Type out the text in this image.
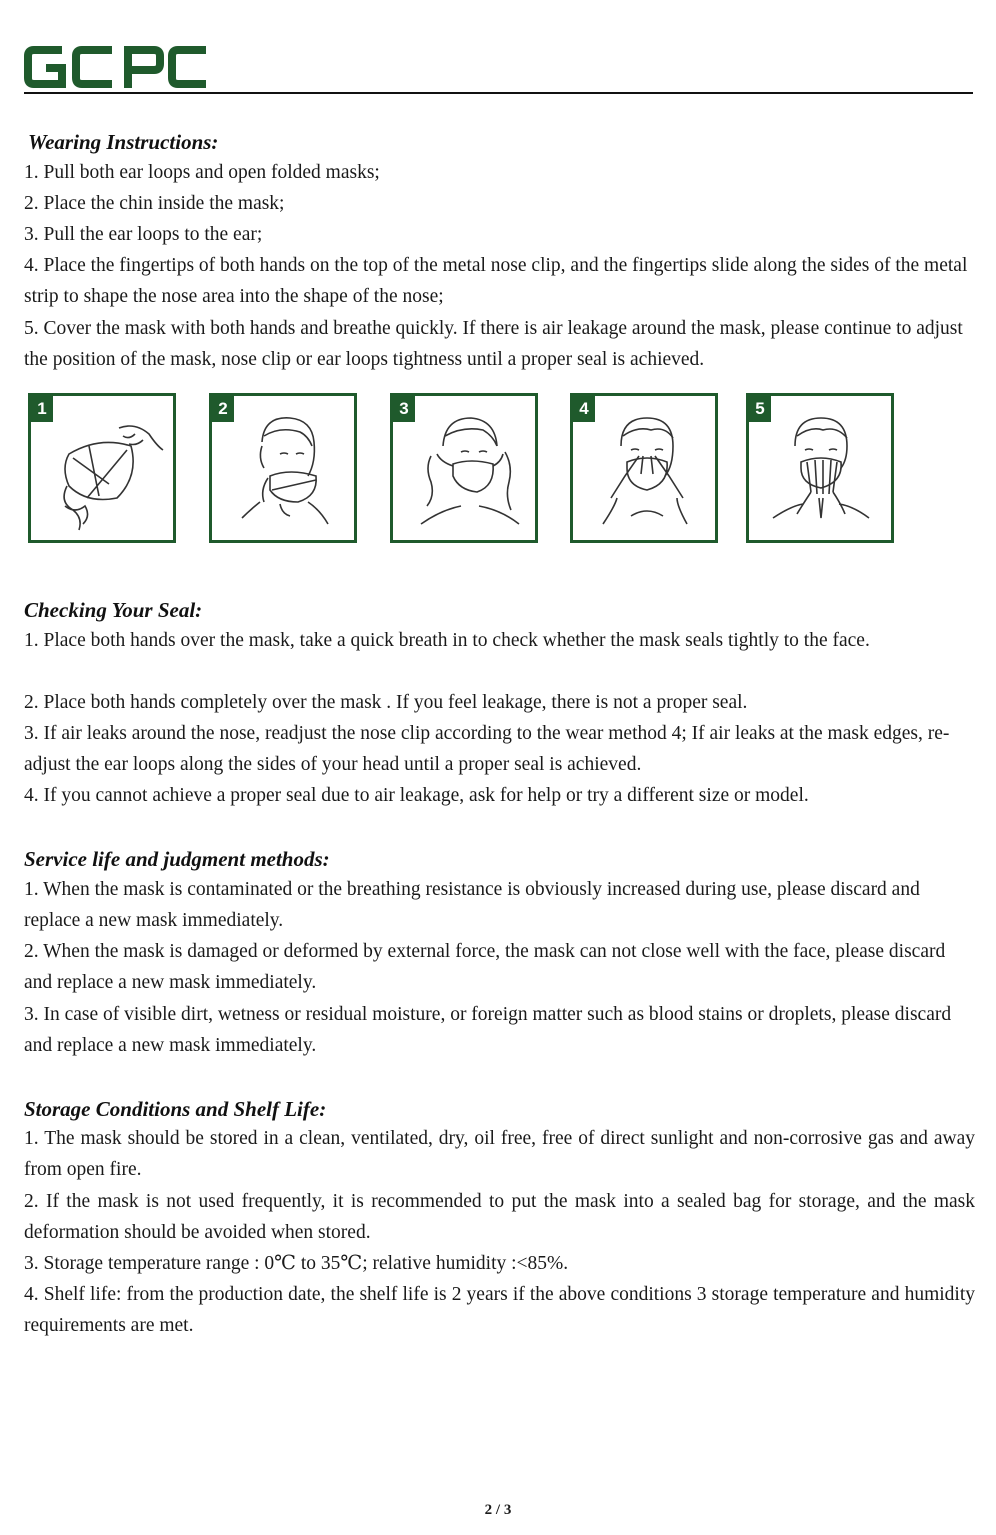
Wearing Instructions:

1. Pull both ear loops and open folded masks;

2. Place the chin inside the mask;

3. Pull the ear loops to the ear;

4. Place the fingertips of both hands on the top of the metal nose clip, and the fingertips slide along the sides of the metal strip to shape the nose area into the shape of the nose;

5. Cover the mask with both hands and breathe quickly. If there is air leakage around the mask, please continue to adjust the position of the mask, nose clip or ear loops tightness until a proper seal is achieved.

1	2	3	4	5
Checking Your Seal:

1. Place both hands over the mask, take a quick breath in to check whether the mask seals tightly to the face.

2. Place both hands completely over the mask . If you feel leakage, there is not a proper seal.

3. If air leaks around the nose, readjust the nose clip according to the wear method 4; If air leaks at the mask edges, re-adjust the ear loops along the sides of your head until a proper seal is achieved.

4. If you cannot achieve a proper seal due to air leakage, ask for help or try a different size or model.

Service life and judgment methods:

1. When the mask is contaminated or the breathing resistance is obviously increased during use, please discard and replace a new mask immediately.

2. When the mask is damaged or deformed by external force, the mask can not close well with the face, please discard and replace a new mask immediately.

3. In case of visible dirt, wetness or residual moisture, or foreign matter such as blood stains or droplets, please discard and replace a new mask immediately.

Storage Conditions and Shelf Life:

1. The mask should be stored in a clean, ventilated, dry, oil free, free of direct sunlight and non-corrosive gas and away from open fire.

2. If the mask is not used frequently, it is recommended to put the mask into a sealed bag for storage, and the mask deformation should be avoided when stored.

3. Storage temperature range : 0℃ to 35℃; relative humidity :<85%.

4. Shelf life: from the production date, the shelf life is 2 years if the above conditions 3 storage temperature and humidity requirements are met.

2 / 3
